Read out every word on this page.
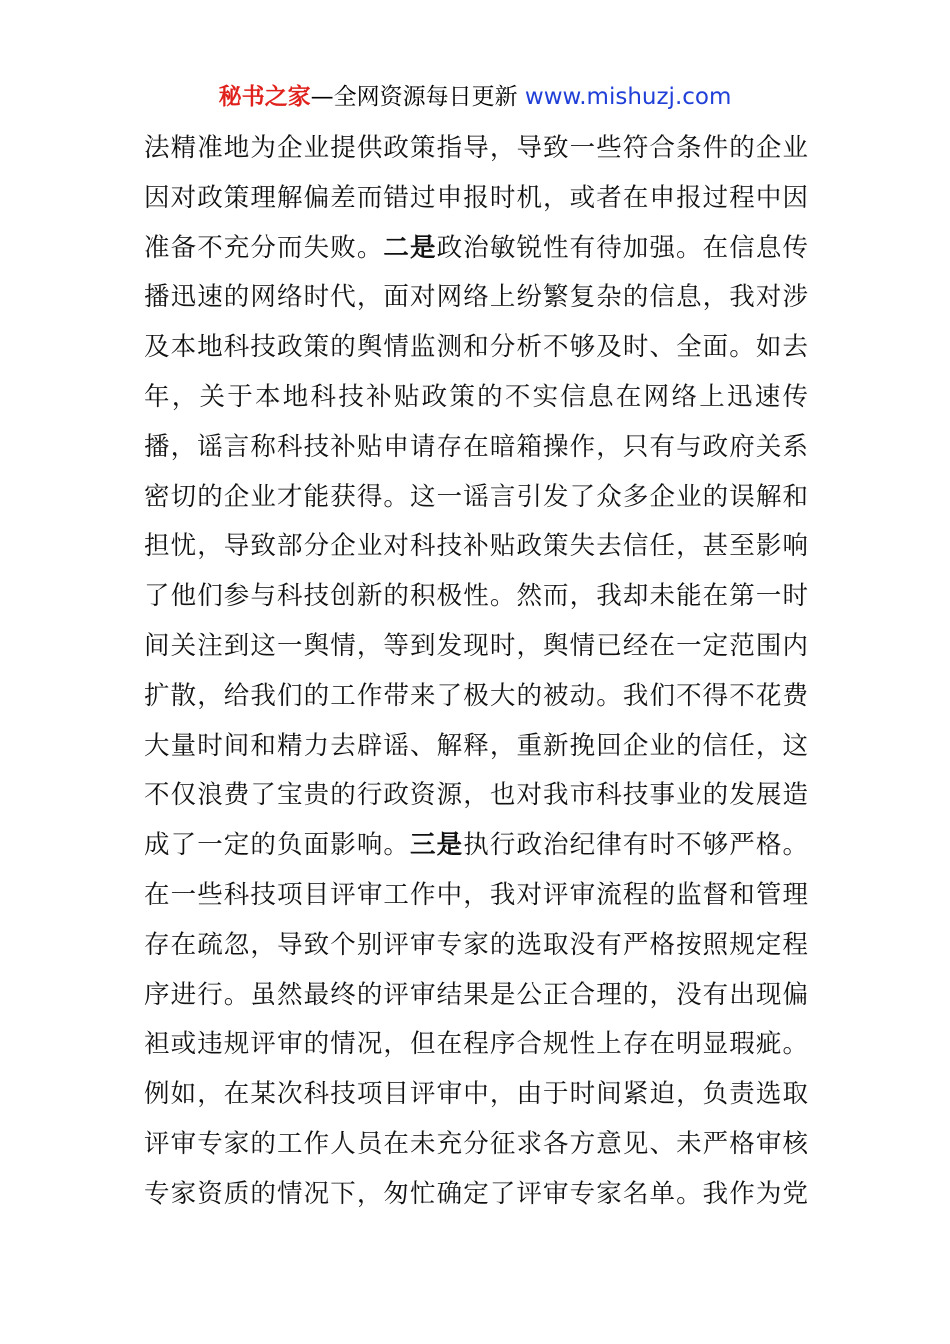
秘书之家—全网资源每日更新 www.mishuzj.com
法精准地为企业提供政策指导，导致一些符合条件的企业
因对政策理解偏差而错过申报时机，或者在申报过程中因
准备不充分而失败。二是政治敏锐性有待加强。在信息传
播迅速的网络时代，面对网络上纷繁复杂的信息，我对涉
及本地科技政策的舆情监测和分析不够及时、全面。如去
年，关于本地科技补贴政策的不实信息在网络上迅速传
播，谣言称科技补贴申请存在暗箱操作，只有与政府关系
密切的企业才能获得。这一谣言引发了众多企业的误解和
担忧，导致部分企业对科技补贴政策失去信任，甚至影响
了他们参与科技创新的积极性。然而，我却未能在第一时
间关注到这一舆情，等到发现时，舆情已经在一定范围内
扩散，给我们的工作带来了极大的被动。我们不得不花费
大量时间和精力去辟谣、解释，重新挽回企业的信任，这
不仅浪费了宝贵的行政资源，也对我市科技事业的发展造
成了一定的负面影响。三是执行政治纪律有时不够严格。
在一些科技项目评审工作中，我对评审流程的监督和管理
存在疏忽，导致个别评审专家的选取没有严格按照规定程
序进行。虽然最终的评审结果是公正合理的，没有出现偏
袒或违规评审的情况，但在程序合规性上存在明显瑕疵。
例如，在某次科技项目评审中，由于时间紧迫，负责选取
评审专家的工作人员在未充分征求各方意见、未严格审核
专家资质的情况下，匆忙确定了评审专家名单。我作为党
